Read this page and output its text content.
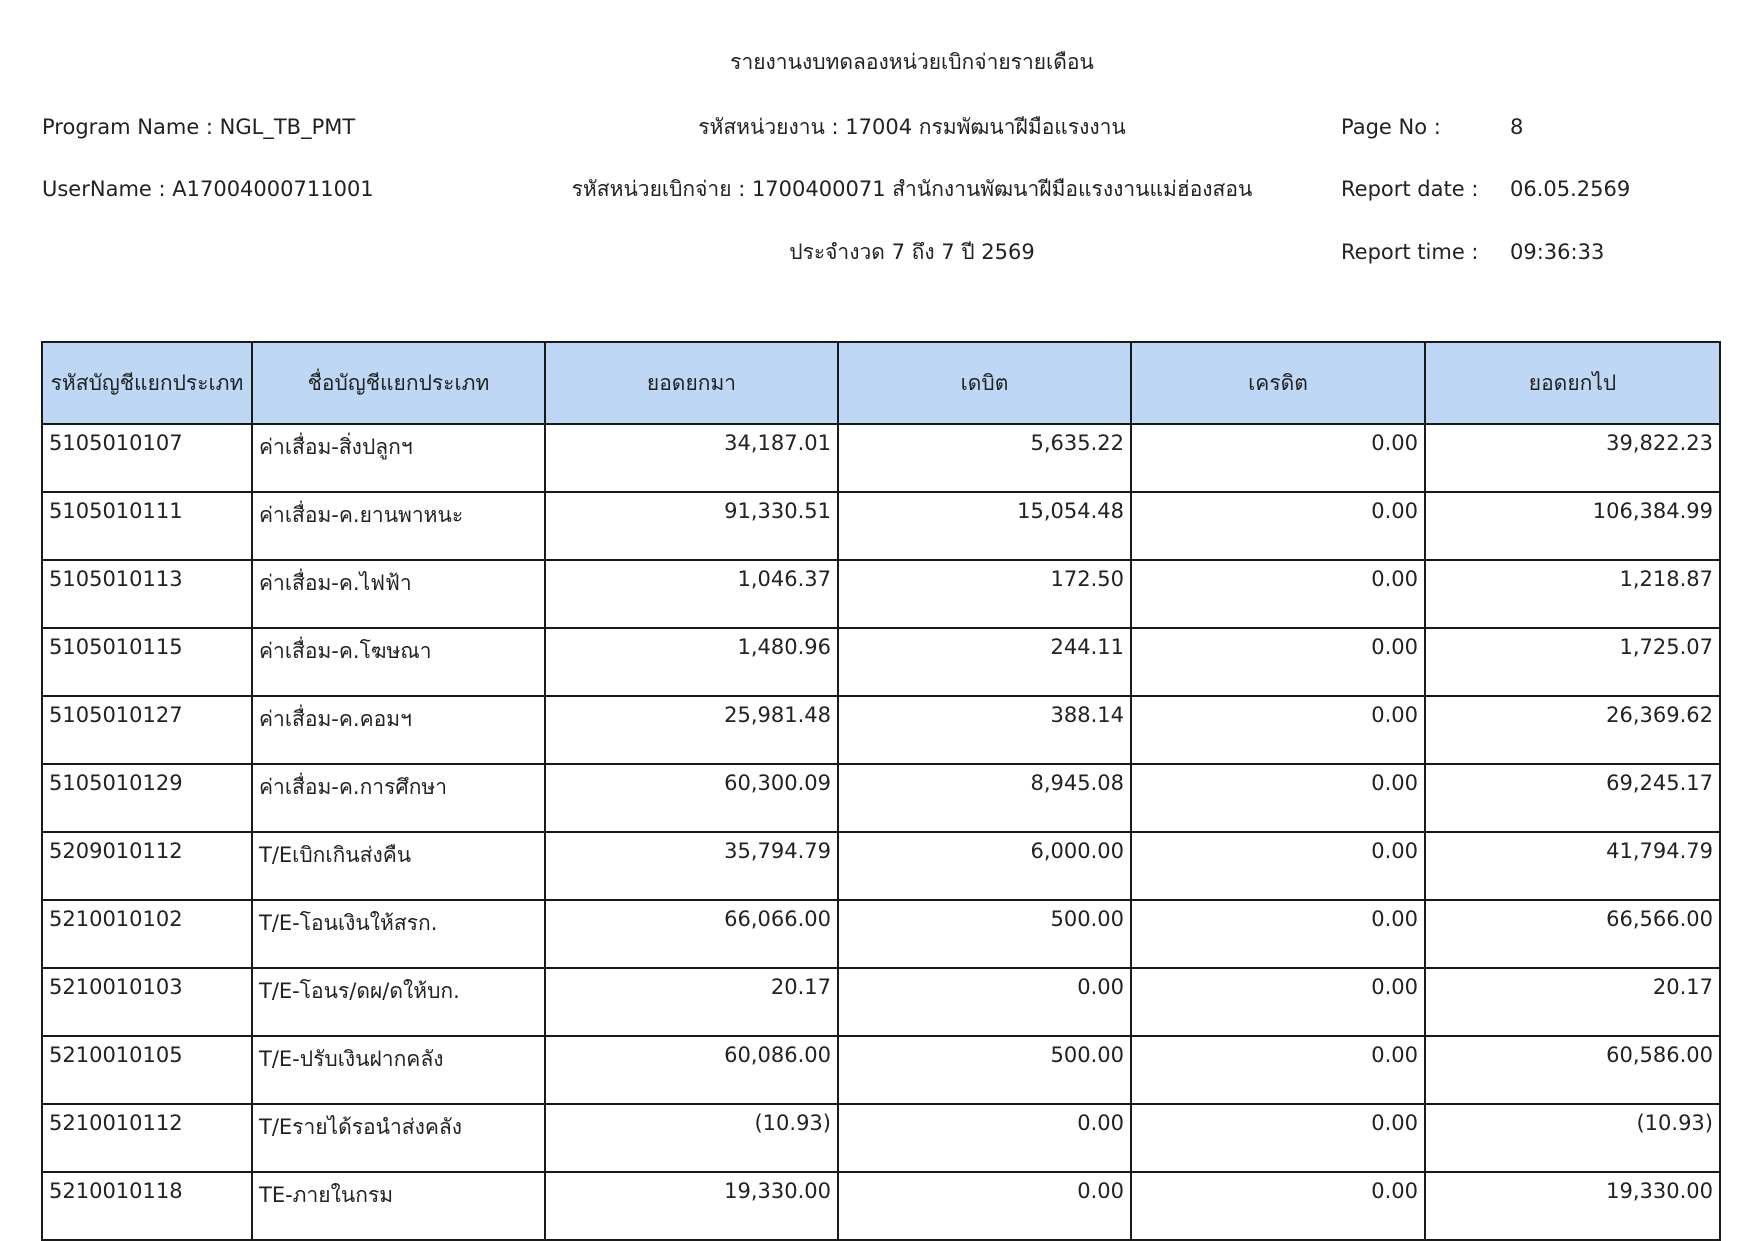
รายงานงบทดลองหน่วยเบิกจ่ายรายเดือน
Program Name : NGL_TB_PMT	รหัสหน่วยงาน : 17004 กรมพัฒนาฝีมือแรงงาน	Page No :	8
UserName : A17004000711001	รหัสหน่วยเบิกจ่าย : 1700400071 สำนักงานพัฒนาฝีมือแรงงานแม่ฮ่องสอน	Report date : 06.05.2569
ประจำงวด 7 ถึง 7 ปี 2569	Report time : 09:36:33
รหัสบัญชีแยกประเภท	ชื่อบัญชีแยกประเภท	ยอดยกมา	เดบิต	เครดิต	ยอดยกไป
5105010107	ค่าเสื่อม-สิ่งปลูกฯ	34,187.01	5,635.22	0.00	39,822.23
5105010111	ค่าเสื่อม-ค.ยานพาหนะ	91,330.51	15,054.48	0.00	106,384.99
5105010113	ค่าเสื่อม-ค.ไฟฟ้า	1,046.37	172.50	0.00	1,218.87
5105010115	ค่าเสื่อม-ค.โฆษณา	1,480.96	244.11	0.00	1,725.07
5105010127	ค่าเสื่อม-ค.คอมฯ	25,981.48	388.14	0.00	26,369.62
5105010129	ค่าเสื่อม-ค.การศึกษา	60,300.09	8,945.08	0.00	69,245.17
5209010112	T/Eเบิกเกินส่งคืน	35,794.79	6,000.00	0.00	41,794.79
5210010102	T/E-โอนเงินให้สรก.	66,066.00	500.00	0.00	66,566.00
5210010103	T/E-โอนร/ดผ/ดให้บก.	20.17	0.00	0.00	20.17
5210010105	T/E-ปรับเงินฝากคลัง	60,086.00	500.00	0.00	60,586.00
5210010112	T/Eรายได้รอนำส่งคลัง	(10.93)	0.00	0.00	(10.93)
5210010118	TE-ภายในกรม	19,330.00	0.00	0.00	19,330.00
